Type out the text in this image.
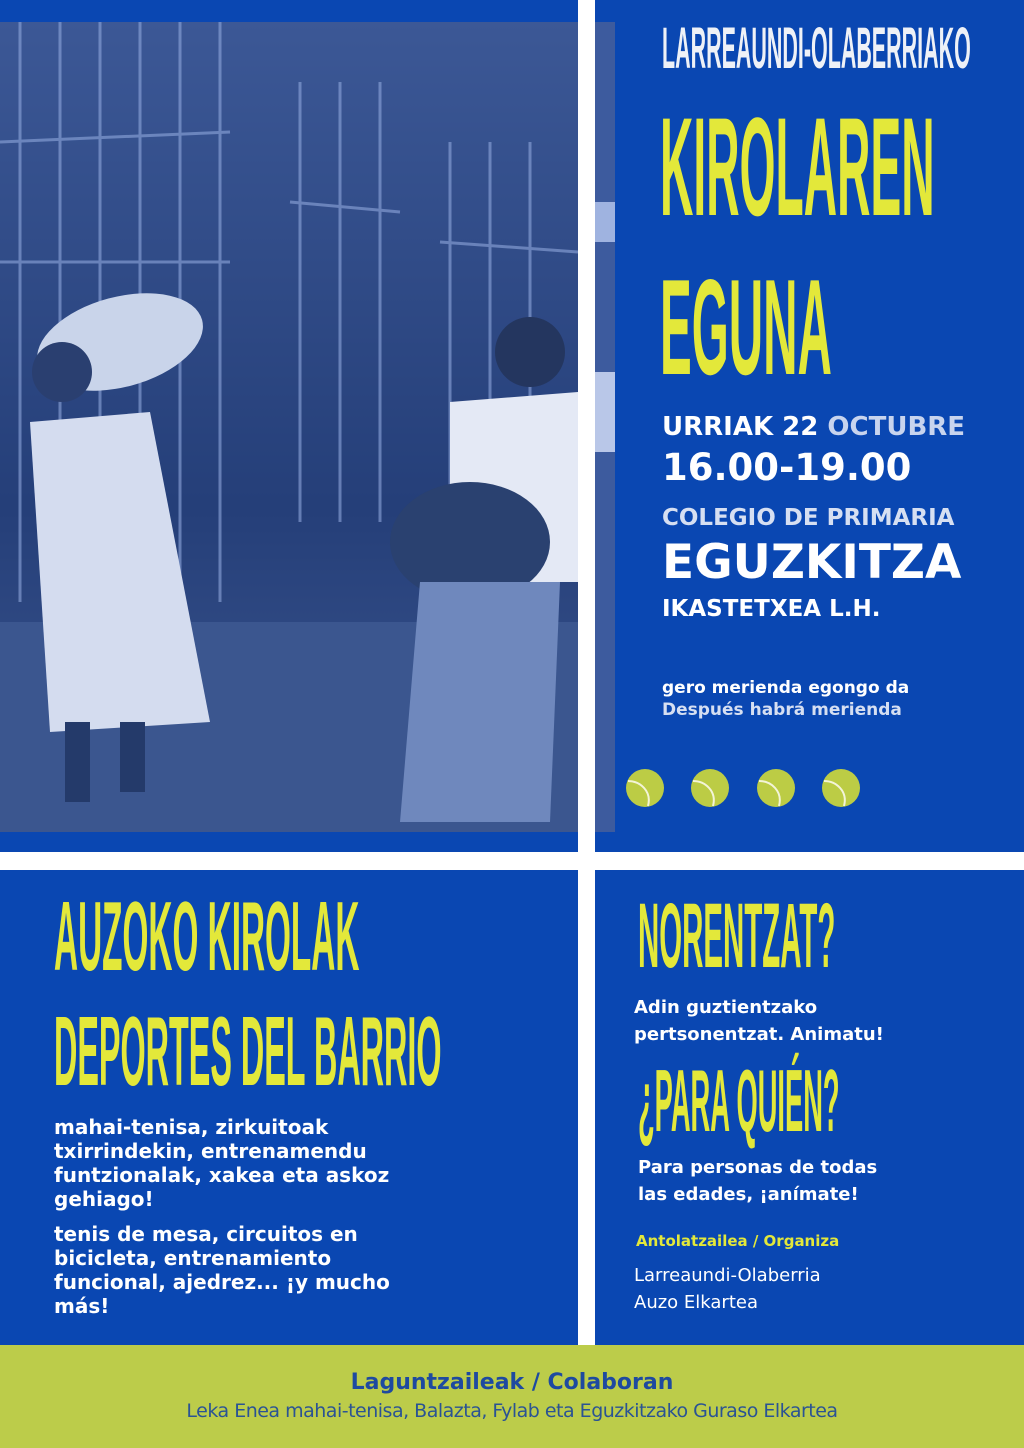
LARREAUNDI-OLABERRIAKO
KIROLAREN
EGUNA
URRIAK 22 OCTUBRE
16.00-19.00
COLEGIO DE PRIMARIA
EGUZKITZA
IKASTETXEA L.H.
gero merienda egongo da
Después habrá merienda
AUZOKO KIROLAK
DEPORTES DEL BARRIO
mahai-tenisa, zirkuitoak
txirrindekin, entrenamendu
funtzionalak, xakea eta askoz
gehiago!
tenis de mesa, circuitos en
bicicleta, entrenamiento
funcional, ajedrez... ¡y mucho
más!
NORENTZAT?
Adin guztientzako
pertsonentzat. Animatu!
¿PARA QUIÉN?
Para personas de todas
las edades, ¡anímate!
Antolatzailea / Organiza
Larreaundi-Olaberria
Auzo Elkartea
Laguntzaileak / Colaboran
Leka Enea mahai-tenisa, Balazta, Fylab eta Eguzkitzako Guraso Elkartea
